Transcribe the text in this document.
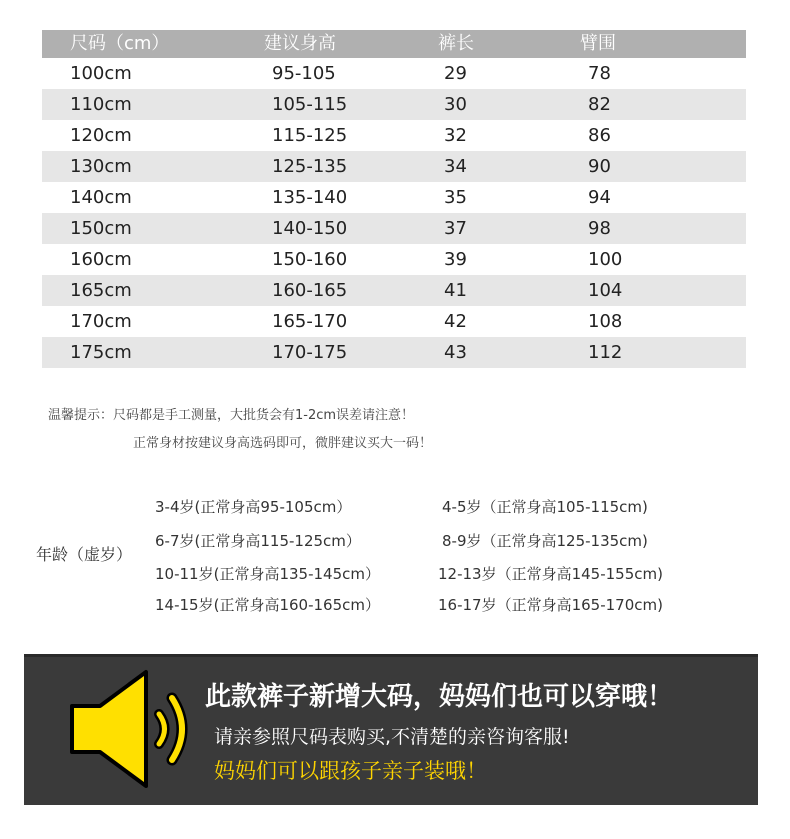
尺码（cm）	建议身高	裤长	臂围
100cm	95-105	29	78
110cm	105-115	30	82
120cm	115-125	32	86
130cm	125-135	34	90
140cm	135-140	35	94
150cm	140-150	37	98
160cm	150-160	39	100
165cm	160-165	41	104
170cm	165-170	42	108
175cm	170-175	43	112
温馨提示：尺码都是手工测量，大批货会有1-2cm误差请注意！
正常身材按建议身高选码即可，微胖建议买大一码！
年龄（虚岁）
3-4岁(正常身高95-105cm）	4-5岁（正常身高105-115cm)
6-7岁(正常身高115-125cm）	8-9岁（正常身高125-135cm)
10-11岁(正常身高135-145cm）	12-13岁（正常身高145-155cm)
14-15岁(正常身高160-165cm）	16-17岁（正常身高165-170cm)
此款裤子新增大码，妈妈们也可以穿哦！
请亲参照尺码表购买,不清楚的亲咨询客服!
妈妈们可以跟孩子亲子装哦！
